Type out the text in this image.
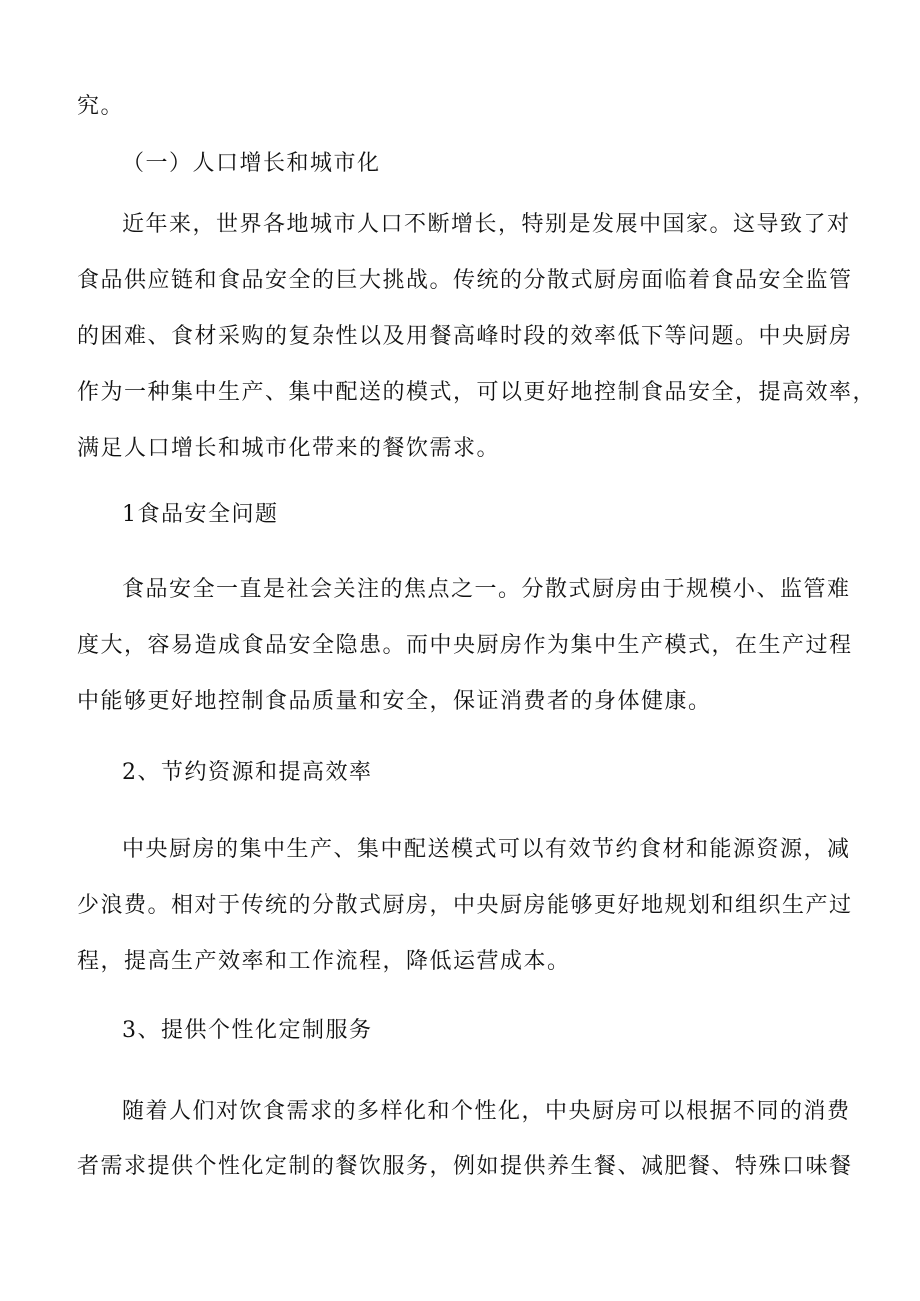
究。

（一）人口增长和城市化

近年来，世界各地城市人口不断增长，特别是发展中国家。这导致了对

食品供应链和食品安全的巨大挑战。传统的分散式厨房面临着食品安全监管

的困难、食材采购的复杂性以及用餐高峰时段的效率低下等问题。中央厨房

作为一种集中生产、集中配送的模式，可以更好地控制食品安全，提高效率，

满足人口增长和城市化带来的餐饮需求。

1食品安全问题

食品安全一直是社会关注的焦点之一。分散式厨房由于规模小、监管难

度大，容易造成食品安全隐患。而中央厨房作为集中生产模式，在生产过程

中能够更好地控制食品质量和安全，保证消费者的身体健康。

2、节约资源和提高效率

中央厨房的集中生产、集中配送模式可以有效节约食材和能源资源，减

少浪费。相对于传统的分散式厨房，中央厨房能够更好地规划和组织生产过

程，提高生产效率和工作流程，降低运营成本。

3、提供个性化定制服务

随着人们对饮食需求的多样化和个性化，中央厨房可以根据不同的消费

者需求提供个性化定制的餐饮服务，例如提供养生餐、减肥餐、特殊口味餐
